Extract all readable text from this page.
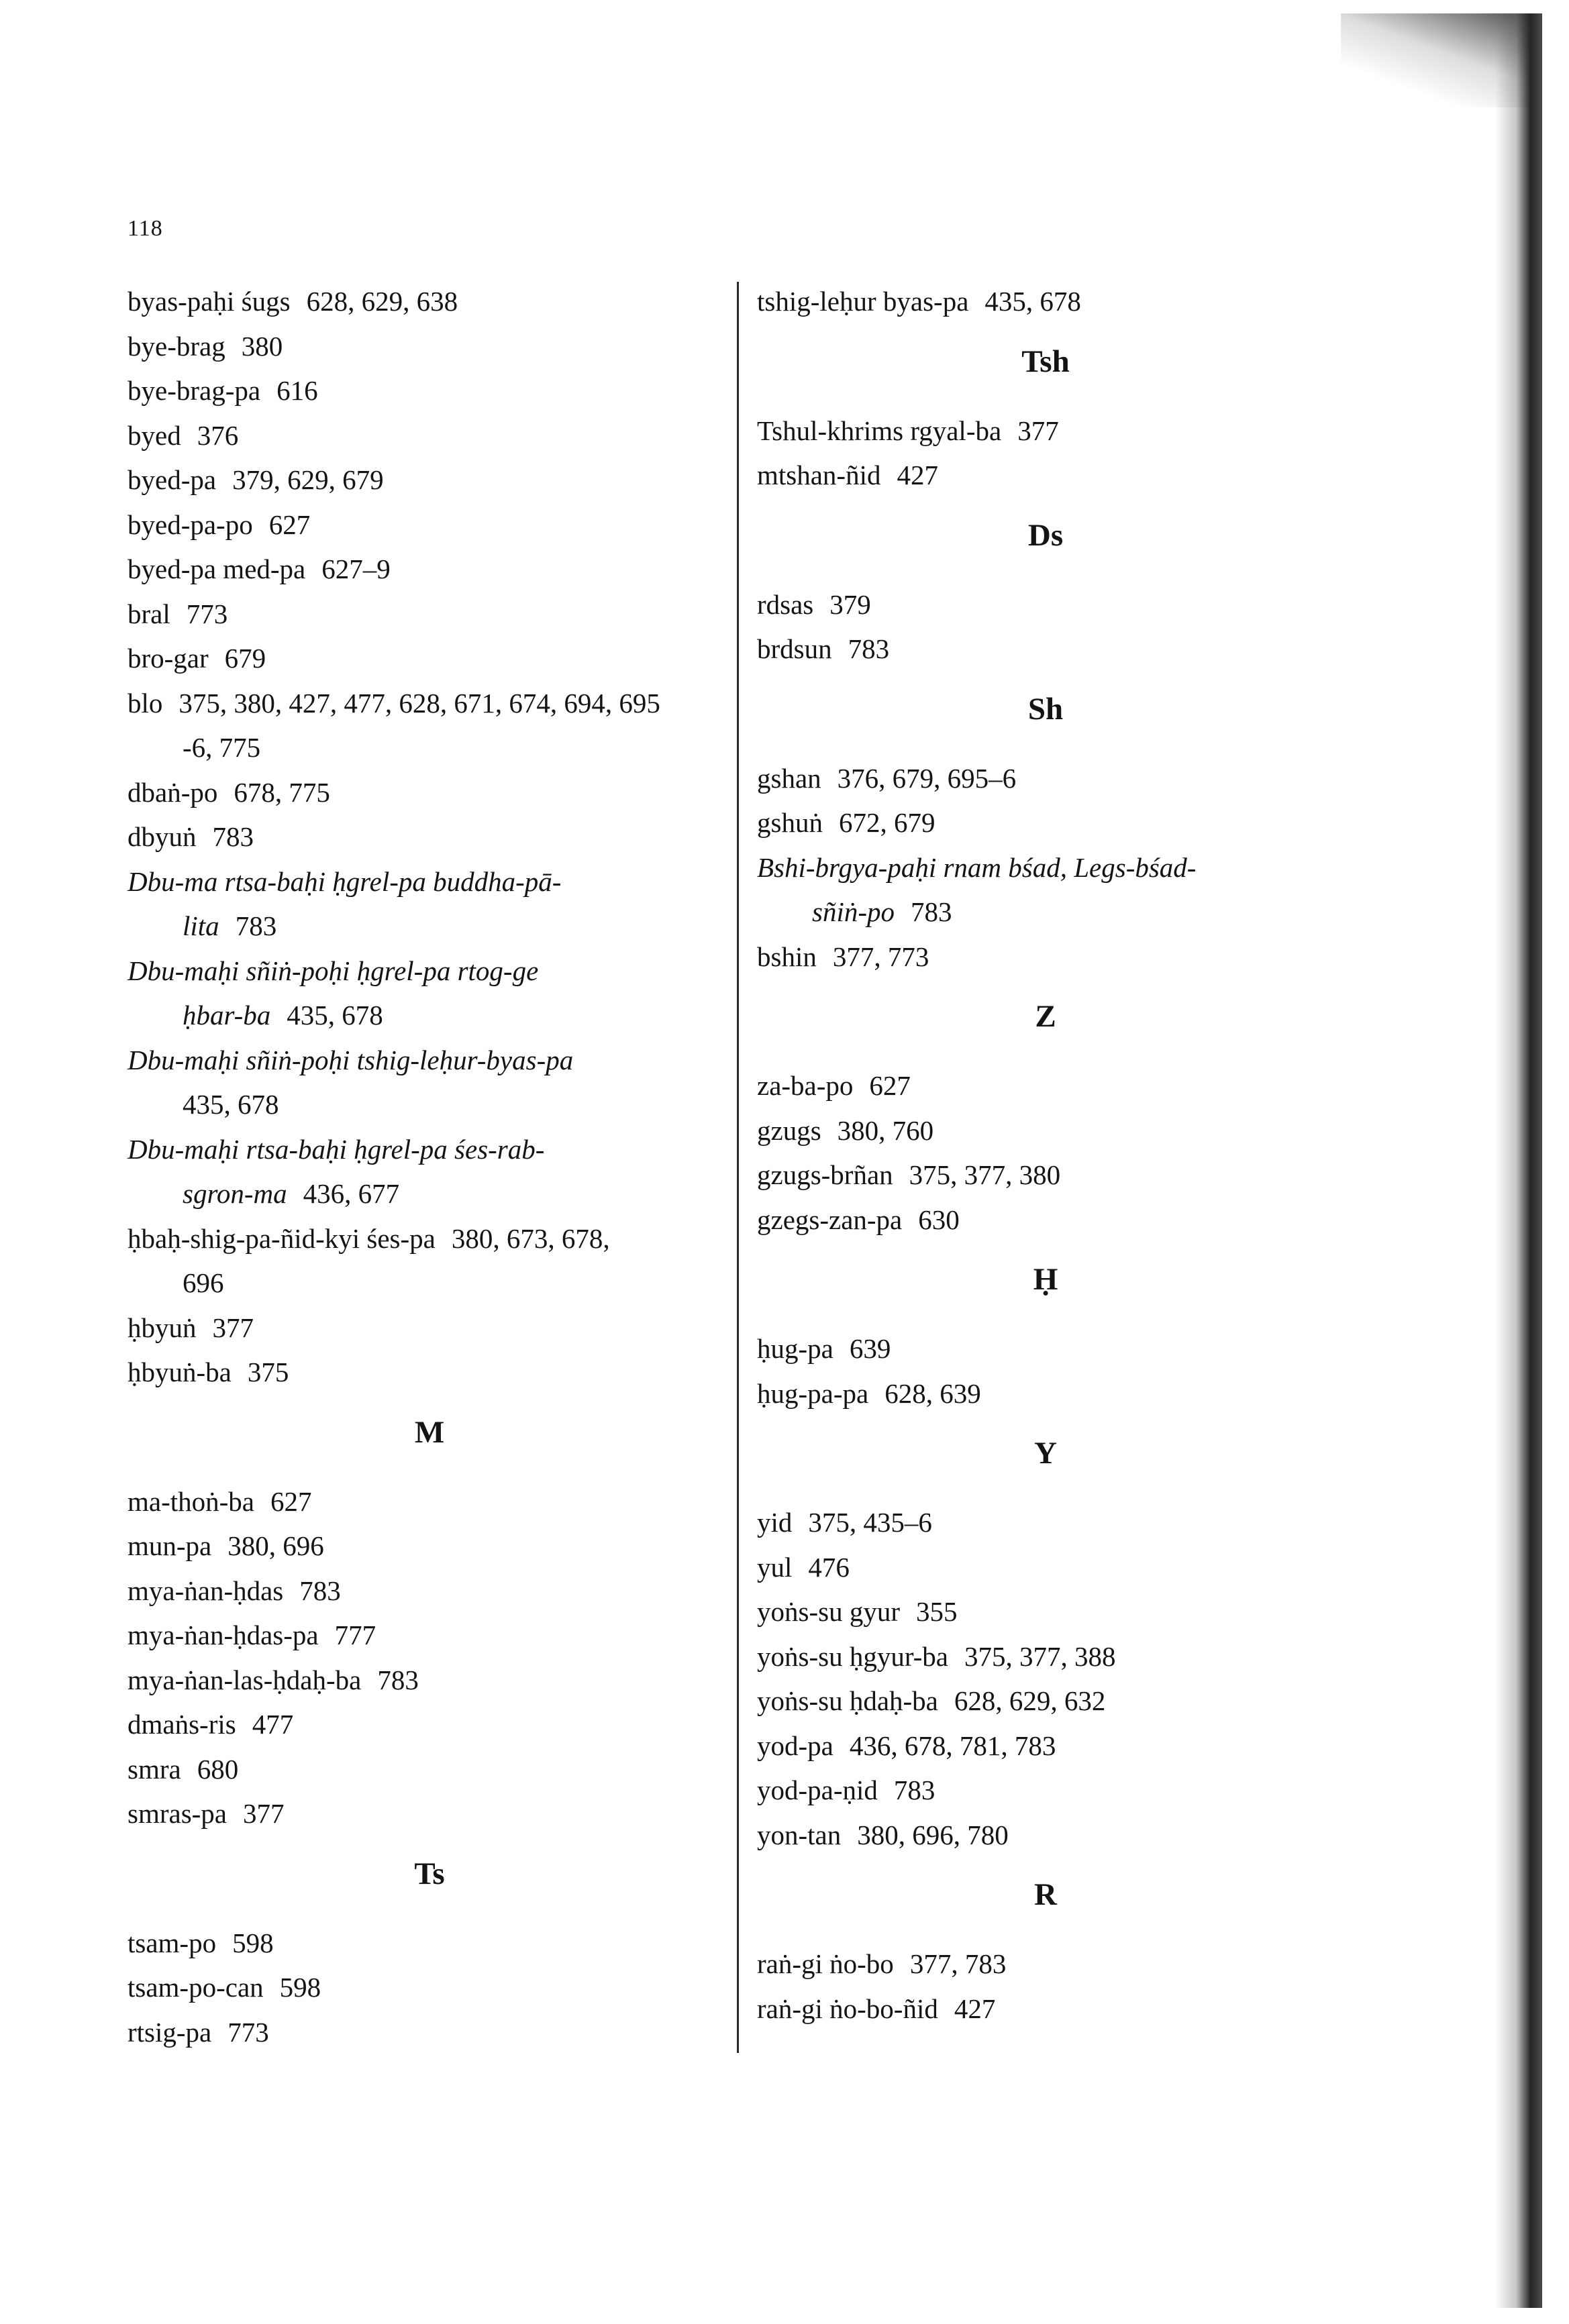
118
byas-paḥi śugs 628, 629, 638
bye-brag 380
bye-brag-pa 616
byed 376
byed-pa 379, 629, 679
byed-pa-po 627
byed-pa med-pa 627–9
bral 773
bro-gar 679
blo 375, 380, 427, 477, 628, 671, 674, 694, 695
-6, 775
dbaṅ-po 678, 775
dbyuṅ 783
Dbu-ma rtsa-baḥi ḥgrel-pa buddha-pā-
lita 783
Dbu-maḥi sñiṅ-poḥi ḥgrel-pa rtog-ge
ḥbar-ba 435, 678
Dbu-maḥi sñiṅ-poḥi tshig-leḥur-byas-pa
435, 678
Dbu-maḥi rtsa-baḥi ḥgrel-pa śes-rab-
sgron-ma 436, 677
ḥbaḥ-shig-pa-ñid-kyi śes-pa 380, 673, 678,
696
ḥbyuṅ 377
ḥbyuṅ-ba 375
M
ma-thoṅ-ba 627
mun-pa 380, 696
mya-ṅan-ḥdas 783
mya-ṅan-ḥdas-pa 777
mya-ṅan-las-ḥdaḥ-ba 783
dmaṅs-ris 477
smra 680
smras-pa 377
Ts
tsam-po 598
tsam-po-can 598
rtsig-pa 773
tshig-leḥur byas-pa 435, 678
Tsh
Tshul-khrims rgyal-ba 377
mtshan-ñid 427
Ds
rdsas 379
brdsun 783
Sh
gshan 376, 679, 695–6
gshuṅ 672, 679
Bshi-brgya-paḥi rnam bśad, Legs-bśad-
sñiṅ-po 783
bshin 377, 773
Z
za-ba-po 627
gzugs 380, 760
gzugs-brñan 375, 377, 380
gzegs-zan-pa 630
Ḥ
ḥug-pa 639
ḥug-pa-pa 628, 639
Y
yid 375, 435–6
yul 476
yoṅs-su gyur 355
yoṅs-su ḥgyur-ba 375, 377, 388
yoṅs-su ḥdaḥ-ba 628, 629, 632
yod-pa 436, 678, 781, 783
yod-pa-ṇid 783
yon-tan 380, 696, 780
R
raṅ-gi ṅo-bo 377, 783
raṅ-gi ṅo-bo-ñid 427
